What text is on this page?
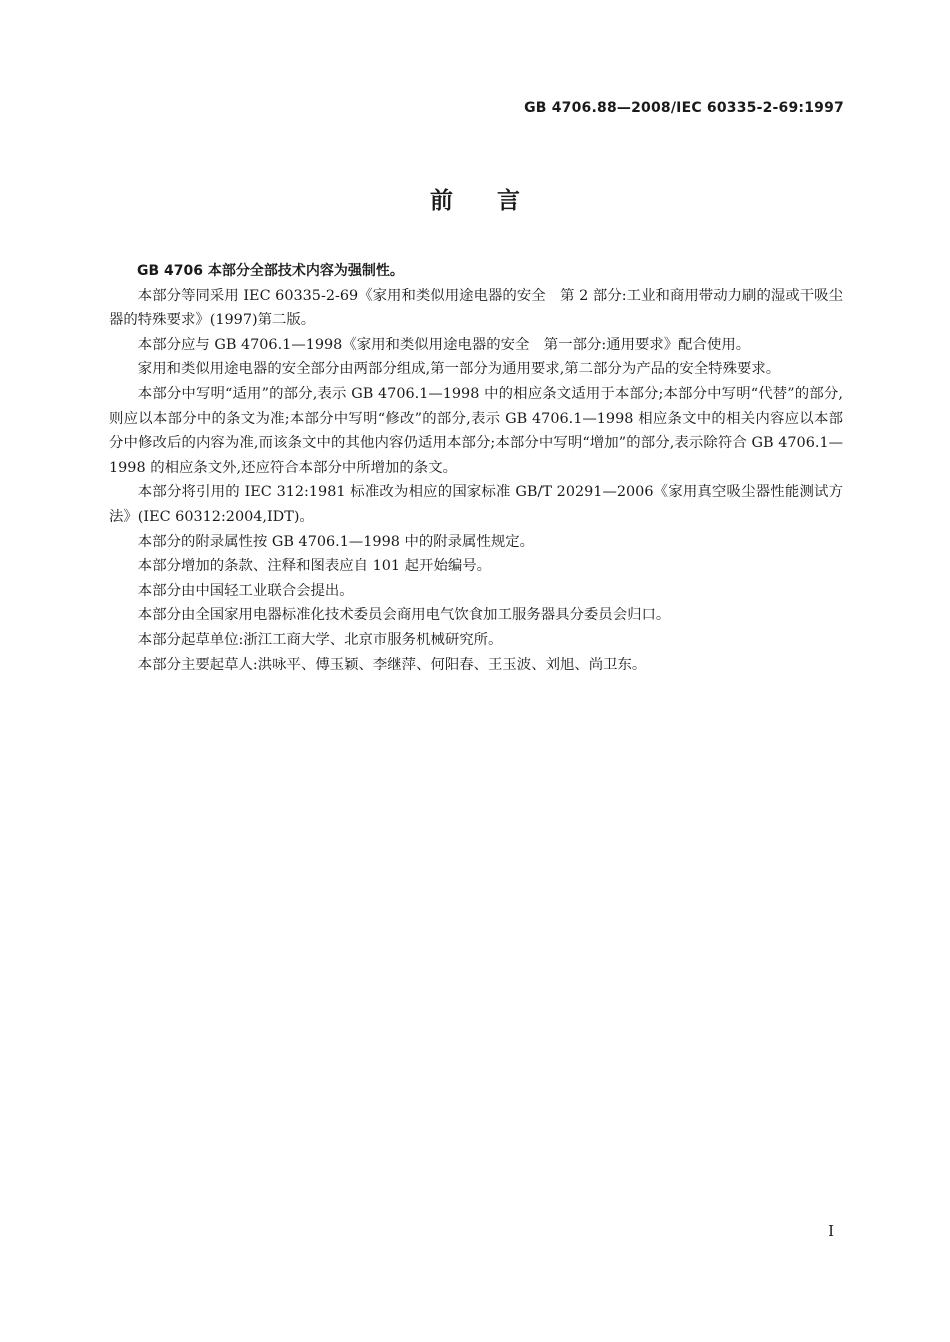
GB 4706.88—2008/IEC 60335-2-69:1997
前言

GB 4706 本部分全部技术内容为强制性。

本部分等同采用 IEC 60335-2-69《家用和类似用途电器的安全　第 2 部分:工业和商用带动力刷的湿或干吸尘器的特殊要求》(1997)第二版。

本部分应与 GB 4706.1—1998《家用和类似用途电器的安全　第一部分:通用要求》配合使用。

家用和类似用途电器的安全部分由两部分组成,第一部分为通用要求,第二部分为产品的安全特殊要求。

本部分中写明“适用”的部分,表示 GB 4706.1—1998 中的相应条文适用于本部分;本部分中写明“代替”的部分,则应以本部分中的条文为准;本部分中写明“修改”的部分,表示 GB 4706.1—1998 相应条文中的相关内容应以本部分中修改后的内容为准,而该条文中的其他内容仍适用本部分;本部分中写明“增加”的部分,表示除符合 GB 4706.1—1998 的相应条文外,还应符合本部分中所增加的条文。

本部分将引用的 IEC 312:1981 标准改为相应的国家标准 GB/T 20291—2006《家用真空吸尘器性能测试方法》(IEC 60312:2004,IDT)。

本部分的附录属性按 GB 4706.1—1998 中的附录属性规定。

本部分增加的条款、注释和图表应自 101 起开始编号。

本部分由中国轻工业联合会提出。

本部分由全国家用电器标准化技术委员会商用电气饮食加工服务器具分委员会归口。

本部分起草单位:浙江工商大学、北京市服务机械研究所。

本部分主要起草人:洪咏平、傅玉颖、李继萍、何阳春、王玉波、刘旭、尚卫东。

I
